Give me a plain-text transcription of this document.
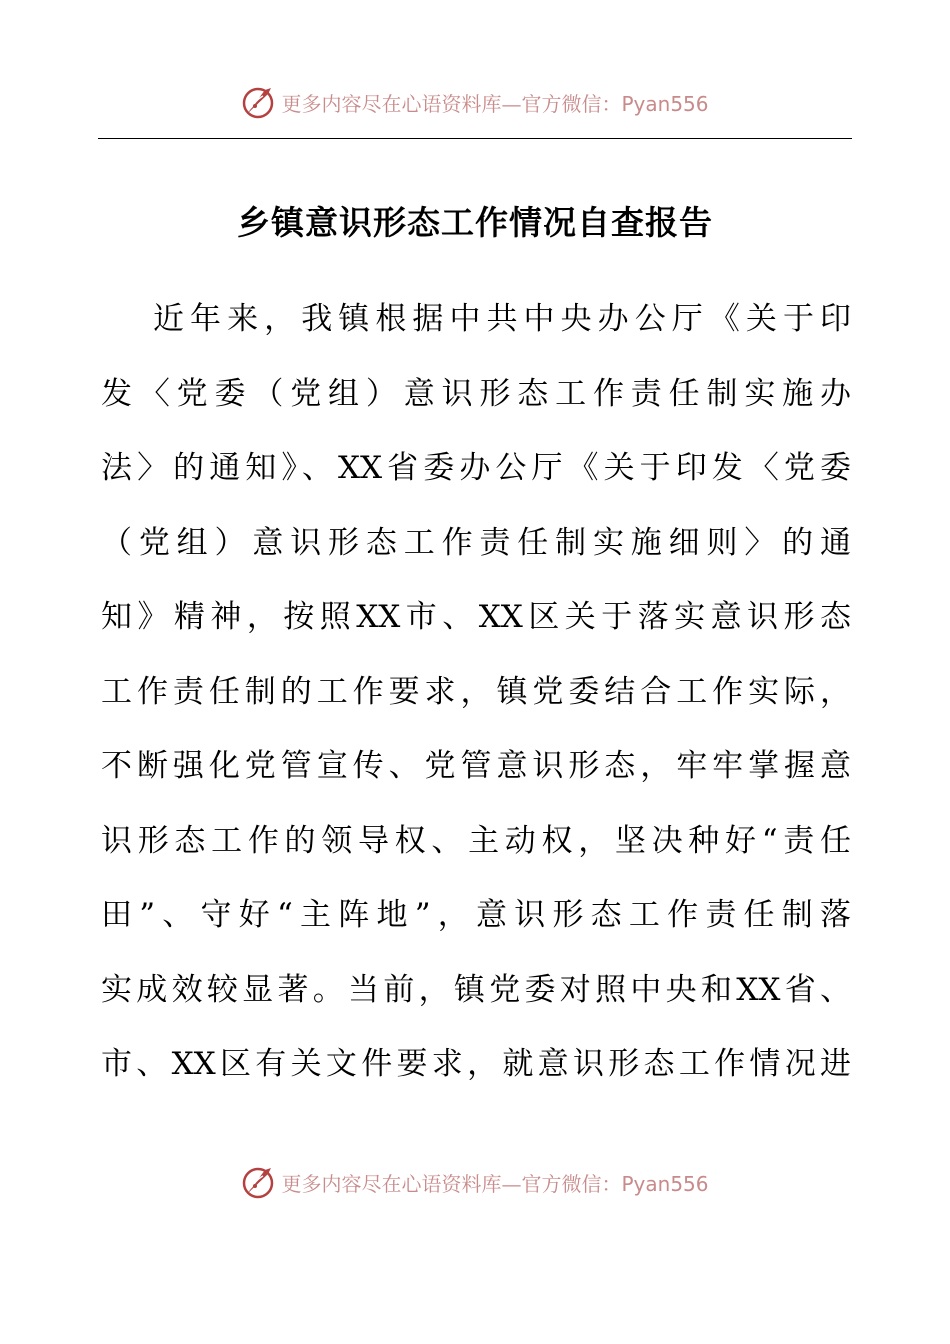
更多内容尽在心语资料库—官方微信：Pyan556
乡镇意识形态工作情况自查报告
近年来，我镇根据中共中央办公厅《关于印
发〈党委（党组）意识形态工作责任制实施办
法〉的通知》、XX省委办公厅《关于印发〈党委
（党组）意识形态工作责任制实施细则〉的通
知》精神，按照XX市、XX区关于落实意识形态
工作责任制的工作要求，镇党委结合工作实际，
不断强化党管宣传、党管意识形态，牢牢掌握意
识形态工作的领导权、主动权，坚决种好“责任
田”、守好“主阵地”，意识形态工作责任制落
实成效较显著。当前，镇党委对照中央和XX省、
市、XX区有关文件要求，就意识形态工作情况进
更多内容尽在心语资料库—官方微信：Pyan556
